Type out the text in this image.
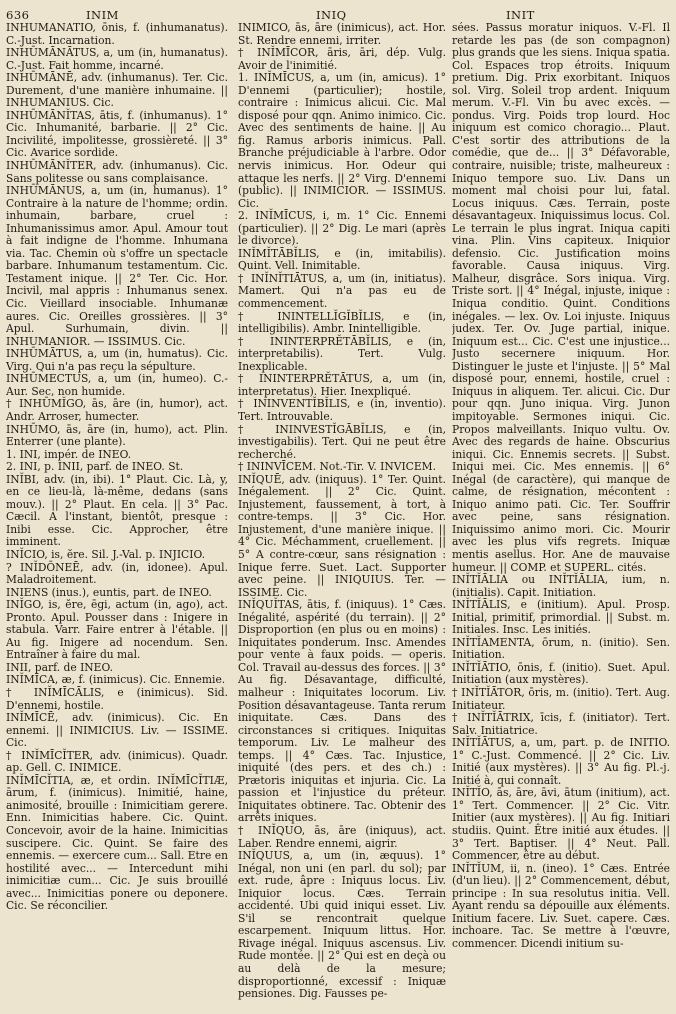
636	INIM	INIQ	INIT

INHŪMĀNĀTIO, ōnis, f. (inhumanatus). C.-Just. Incarnation.

INHŪMĀNĀTUS, a, um (in, humanatus). C.-Just. Fait homme, incarné.

INHŪMĀNĒ, adv. (inhumanus). Ter. Cic. Durement, d'une manière inhumaine. || INHUMANIUS. Cic.

INHŪMĀNĬTAS, ātis, f. (inhumanus). 1° Cic. Inhumanité, barbarie. || 2° Cic. Incivilité, impolitesse, grossièreté. || 3° Cic. Avarice sordide.

INHŪMĀNĬTER, adv. (inhumanus). Cic. Sans politesse ou sans complaisance.

INHŪMĀNUS, a, um (in, humanus). 1° Contraire à la nature de l'homme; ordin. inhumain, barbare, cruel : Inhumanissimus amor. Apul. Amour tout à fait indigne de l'homme. Inhumana via. Tac. Chemin où s'offre un spectacle barbare. Inhumanum testamentum. Cic. Testament inique. || 2° Ter. Cic. Hor. Incivil, mal appris : Inhumanus senex. Cic. Vieillard insociable. Inhumanæ aures. Cic. Oreilles grossières. || 3° Apul. Surhumain, divin. || INHUMANIOR. — ISSIMUS. Cic.

INHŪMĀTUS, a, um (in, humatus). Cic. Virg. Qui n'a pas reçu la sépulture.

INHŪMECTUS, a, um (in, humeo). C.-Aur. Sec, non humide.

† INHŪMĬGO, ās, āre (in, humor), act. Andr. Arroser, humecter.

INHŪMO, ās, āre (in, humo), act. Plin. Enterrer (une plante).

1. INI, impér. de INEO.

2. INI, p. INII, parf. de INEO. St.

INĬBI, adv. (in, ibi). 1° Plaut. Cic. Là, y, en ce lieu-là, là-même, dedans (sans mouv.). || 2° Plaut. En cela. || 3° Pac. Cæcil. A l'instant, bientôt, presque : Inibi esse. Cic. Approcher, être imminent.

INĬCIO, is, ĕre. Sil. J.-Val. p. INJICIO.

? INĬDŌNEĒ, adv. (in, idonee). Apul. Maladroitement.

INIENS (inus.), euntis, part. de INEO.

INĬGO, is, ĕre, ēgi, actum (in, ago), act. Pronto. Apul. Pousser dans : Inigere in stabula. Varr. Faire entrer à l'étable. || Au fig. Inigere ad nocendum. Sen. Entraîner à faire du mal.

INII, parf. de INEO.

INĬMĪCA, æ, f. (inimicus). Cic. Ennemie.

† INĬMĪCĀLIS, e (inimicus). Sid. D'ennemi, hostile.

INĬMĪCĒ, adv. (inimicus). Cic. En ennemi. || INIMICIUS. Liv. — ISSIME. Cic.

† INĬMĪCĬTER, adv. (inimicus). Quadr. ap. Gell. C. INIMICE.

INĬMĪCĬTIA, æ, et ordin. INĬMĪCĬTIÆ, ārum, f. (inimicus). Inimitié, haine, animosité, brouille : Inimicitiam gerere. Enn. Inimicitias habere. Cic. Quint. Concevoir, avoir de la haine. Inimicitias suscipere. Cic. Quint. Se faire des ennemis. — exercere cum... Sall. Etre en hostilité avec... — Intercedunt mihi inimicitiæ cum... Cic. Je suis brouillé avec... Inimicitias ponere ou deponere. Cic. Se réconcilier.

INĬMĪCO, ās, āre (inimicus), act. Hor. St. Rendre ennemi, irriter.

† INĬMĪCOR, āris, āri, dép. Vulg. Avoir de l'inimitié.

1. INĬMĪCUS, a, um (in, amicus). 1° D'ennemi (particulier); hostile, contraire : Inimicus alicui. Cic. Mal disposé pour qqn. Animo inimico. Cic. Avec des sentiments de haine. || Au fig. Ramus arboris inimicus. Pall. Branche préjudiciable à l'arbre. Odor nervis inimicus. Hor. Odeur qui attaque les nerfs. || 2° Virg. D'ennemi (public). || INIMICIOR. — ISSIMUS. Cic.

2. INĬMĪCUS, i, m. 1° Cic. Ennemi (particulier). || 2° Dig. Le mari (après le divorce).

INĬMĬTĀBĬLIS, e (in, imitabilis). Quint. Vell. Inimitable.

† INĬNĬTIĀTUS, a, um (in, initiatus). Mamert. Qui n'a pas eu de commencement.

† ININTELLĬGĬBĬLIS, e (in, intelligibilis). Ambr. Inintelligible.

† ININTERPRĔTĀBĬLIS, e (in, interpretabilis). Tert. Vulg. Inexplicable.

† ININTERPRĔTĀTUS, a, um (in, interpretatus). Hier. Inexpliqué.

† ININVENTĬBĬLIS, e (in, inventio). Tert. Introuvable.

† ININVESTĬGĀBĬLIS, e (in, investigabilis). Tert. Qui ne peut être recherché.

† ININVĪCEM. Not.-Tir. V. INVICEM.

INĬQUĒ, adv. (iniquus). 1° Ter. Quint. Inégalement. || 2° Cic. Quint. Injustement, faussement, à tort, à contre-temps. || 3° Cic. Hor. Injustement, d'une manière inique. || 4° Cic. Méchamment, cruellement. || 5° A contre-cœur, sans résignation : Inique ferre. Suet. Lact. Supporter avec peine. || INIQUIUS. Ter. — ISSIME. Cic.

INĬQUĬTAS, ātis, f. (iniquus). 1° Cæs. Inégalité, aspérité (du terrain). || 2° Disproportion (en plus ou en moins) : Iniquitates ponderum. Insc. Amendes pour vente à faux poids. — operis. Col. Travail au-dessus des forces. || 3° Au fig. Désavantage, difficulté, malheur : Iniquitates locorum. Liv. Position désavantageuse. Tanta rerum iniquitate. Cæs. Dans des circonstances si critiques. Iniquitas temporum. Liv. Le malheur des temps. || 4° Cæs. Tac. Injustice, iniquité (des pers. et des ch.) : Prætoris iniquitas et injuria. Cic. La passion et l'injustice du préteur. Iniquitates obtinere. Tac. Obtenir des arrêts iniques.

† INĬQUO, ās, āre (iniquus), act. Laber. Rendre ennemi, aigrir.

INĬQUUS, a, um (in, æquus). 1° Inégal, non uni (en parl. du sol); par ext. rude, âpre : Iniquus locus. Liv. Iniquior locus. Cæs. Terrain accidenté. Ubi quid iniqui esset. Liv. S'il se rencontrait quelque escarpement. Iniquum littus. Hor. Rivage inégal. Iniquus ascensus. Liv. Rude montée. || 2° Qui est en deçà ou au delà de la mesure; disproportionné, excessif : Iniquæ pensiones. Dig. Fausses pe-

sées. Passus moratur iniquos. V.-Fl. Il retarde les pas (de son compagnon) plus grands que les siens. Iniqua spatia. Col. Espaces trop étroits. Iniquum pretium. Dig. Prix exorbitant. Iniquos sol. Virg. Soleil trop ardent. Iniquum merum. V.-Fl. Vin bu avec excès. — pondus. Virg. Poids trop lourd. Hoc iniquum est comico choragio... Plaut. C'est sortir des attributions de la comédie, que de... || 3° Défavorable, contraire, nuisible; triste, malheureux : Iniquo tempore suo. Liv. Dans un moment mal choisi pour lui, fatal. Locus iniquus. Cæs. Terrain, poste désavantageux. Iniquissimus locus. Col. Le terrain le plus ingrat. Iniqua capiti vina. Plin. Vins capiteux. Iniquior defensio. Cic. Justification moins favorable. Causa iniquus. Virg. Malheur, disgrâce. Sors iniqua. Virg. Triste sort. || 4° Inégal, injuste, inique : Iniqua conditio. Quint. Conditions inégales. — lex. Ov. Loi injuste. Iniquus judex. Ter. Ov. Juge partial, inique. Iniquum est... Cic. C'est une injustice... Justo secernere iniquum. Hor. Distinguer le juste et l'injuste. || 5° Mal disposé pour, ennemi, hostile, cruel : Iniquus in aliquem. Ter. alicui. Cic. Dur pour qqn. Juno iniqua. Virg. Junon impitoyable. Sermones iniqui. Cic. Propos malveillants. Iniquo vultu. Ov. Avec des regards de haine. Obscurius iniqui. Cic. Ennemis secrets. || Subst. Iniqui mei. Cic. Mes ennemis. || 6° Inégal (de caractère), qui manque de calme, de résignation, mécontent : Iniquo animo pati. Cic. Ter. Souffrir avec peine, sans résignation. Iniquissimo animo mori. Cic. Mourir avec les plus vifs regrets. Iniquæ mentis asellus. Hor. Ane de mauvaise humeur. || COMP. et SUPERL. cités.

INĬTĬĀLIA ou INĬTĬĀLIA, ium, n. (initialis). Capit. Initiation.

INĬTĬĀLIS, e (initium). Apul. Prosp. Initial, primitif, primordial. || Subst. m. Initiales. Insc. Les initiés.

INĬTĬAMENTA, ōrum, n. (initio). Sen. Initiation.

INĬTĬĀTIO, ōnis, f. (initio). Suet. Apul. Initiation (aux mystères).

† INĬTĬĀTOR, ōris, m. (initio). Tert. Aug. Initiateur.

† INĬTĬĀTRIX, īcis, f. (initiator). Tert. Salv. Initiatrice.

INĬTĬĀTUS, a, um, part. p. de INITIO. 1° C.-Just. Commencé. || 2° Cic. Liv. Initié (aux mystères). || 3° Au fig. Pl.-j. Initié à, qui connaît.

INĬTĬO, ās, āre, āvi, ātum (initium), act. 1° Tert. Commencer. || 2° Cic. Vitr. Initier (aux mystères). || Au fig. Initiari studiis. Quint. Être initié aux études. || 3° Tert. Baptiser. || 4° Neut. Pall. Commencer, être au début.

INĬTĬUM, ii, n. (ineo). 1° Cæs. Entrée (d'un lieu). || 2° Commencement, début, principe : In sua resolutus initia. Vell. Ayant rendu sa dépouille aux éléments. Initium facere. Liv. Suet. capere. Cæs. inchoare. Tac. Se mettre à l'œuvre, commencer. Dicendi initium su-
